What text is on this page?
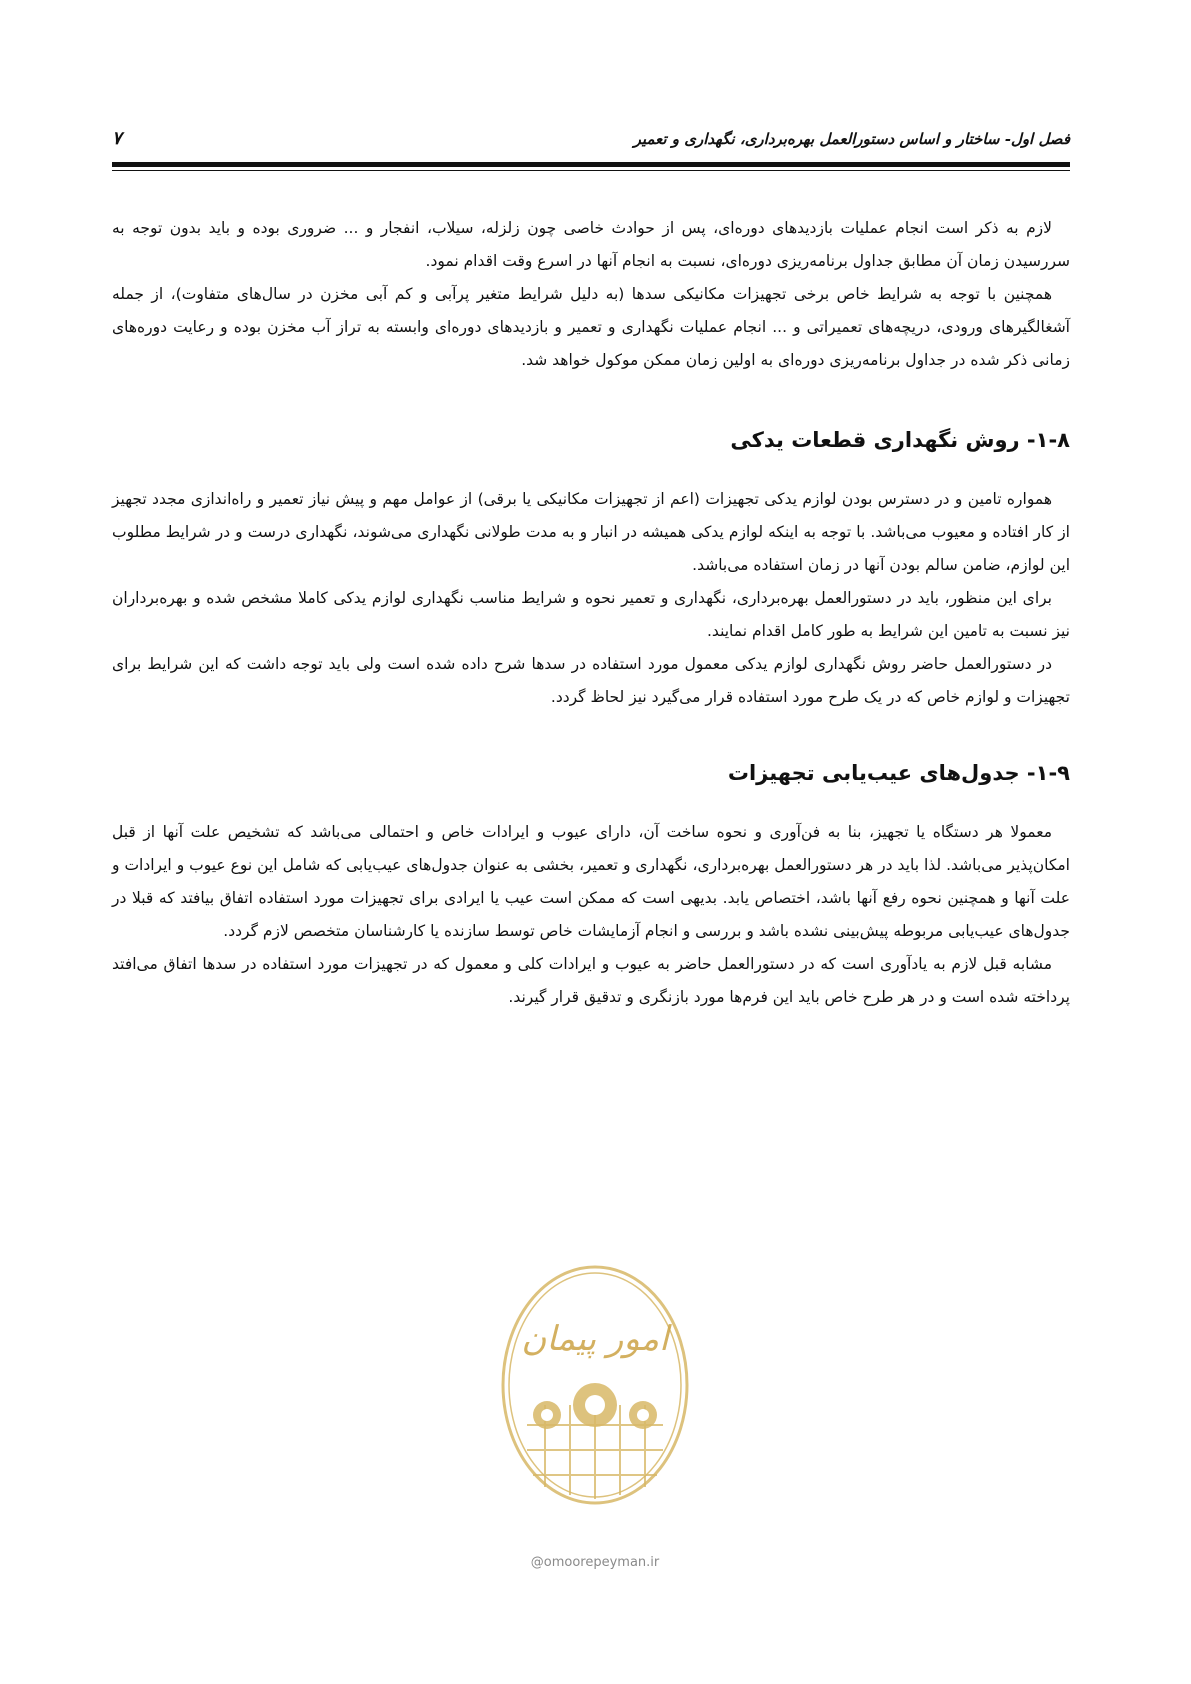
فصل اول- ساختار و اساس دستورالعمل بهره‌برداری، نگهداری و تعمیر
۷

لازم به ذکر است انجام عملیات بازدیدهای دوره‌ای، پس از حوادث خاصی چون زلزله، سیلاب، انفجار و ... ضروری بوده و باید بدون توجه به سررسیدن زمان آن مطابق جداول برنامه‌ریزی دوره‌ای، نسبت به انجام آنها در اسرع وقت اقدام نمود.

همچنین با توجه به شرایط خاص برخی تجهیزات مکانیکی سدها (به دلیل شرایط متغیر پرآبی و کم آبی مخزن در سال‌های متفاوت)، از جمله آشغالگیرهای ورودی، دریچه‌های تعمیراتی و ... انجام عملیات نگهداری و تعمیر و بازدیدهای دوره‌ای وابسته به تراز آب مخزن بوده و رعایت دوره‌های زمانی ذکر شده در جداول برنامه‌ریزی دوره‌ای به اولین زمان ممکن موکول خواهد شد.

۱-۸- روش نگهداری قطعات یدکی

همواره تامین و در دسترس بودن لوازم یدکی تجهیزات (اعم از تجهیزات مکانیکی یا برقی) از عوامل مهم و پیش نیاز تعمیر و راه‌اندازی مجدد تجهیز از کار افتاده و معیوب می‌باشد. با توجه به اینکه لوازم یدکی همیشه در انبار و به مدت طولانی نگهداری می‌شوند، نگهداری درست و در شرایط مطلوب این لوازم، ضامن سالم بودن آنها در زمان استفاده می‌باشد.

برای این منظور، باید در دستورالعمل بهره‌برداری، نگهداری و تعمیر نحوه و شرایط مناسب نگهداری لوازم یدکی کاملا مشخص شده و بهره‌برداران نیز نسبت به تامین این شرایط به طور کامل اقدام نمایند.

در دستورالعمل حاضر روش نگهداری لوازم یدکی معمول مورد استفاده در سدها شرح داده شده است ولی باید توجه داشت که این شرایط برای تجهیزات و لوازم خاص که در یک طرح مورد استفاده قرار می‌گیرد نیز لحاظ گردد.

۱-۹- جدول‌های عیب‌یابی تجهیزات

معمولا هر دستگاه یا تجهیز، بنا به فن‌آوری و نحوه ساخت آن، دارای عیوب و ایرادات خاص و احتمالی می‌باشد که تشخیص علت آنها از قبل امکان‌پذیر می‌باشد. لذا باید در هر دستورالعمل بهره‌برداری، نگهداری و تعمیر، بخشی به عنوان جدول‌های عیب‌یابی که شامل این نوع عیوب و ایرادات و علت آنها و همچنین نحوه رفع آنها باشد، اختصاص یابد. بدیهی است که ممکن است عیب یا ایرادی برای تجهیزات مورد استفاده اتفاق بیافتد که قبلا در جدول‌های عیب‌یابی مربوطه پیش‌بینی نشده باشد و بررسی و انجام آزمایشات خاص توسط سازنده یا کارشناسان متخصص لازم گردد.

مشابه قبل لازم به یادآوری است که در دستورالعمل حاضر به عیوب و ایرادات کلی و معمول که در تجهیزات مورد استفاده در سدها اتفاق می‌افتد پرداخته شده است و در هر طرح خاص باید این فرم‌ها مورد بازنگری و تدقیق قرار گیرند.

امور پیمان
@omoorepeyman.ir
